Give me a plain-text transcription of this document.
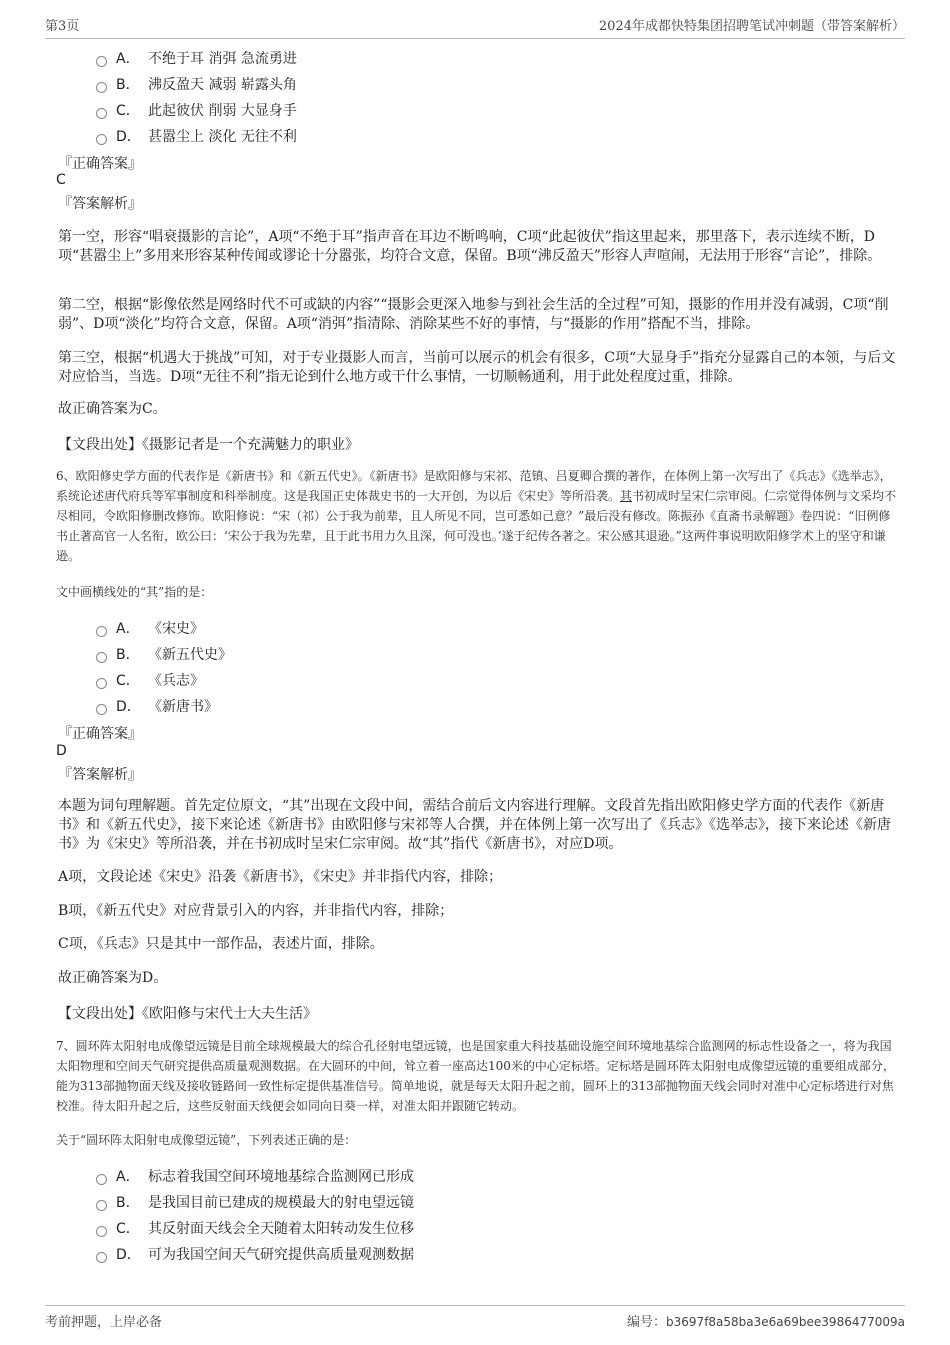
第3页	2024年成都快特集团招聘笔试冲刺题（带答案解析）
A． 不绝于耳 消弭 急流勇进
B． 沸反盈天 减弱 崭露头角
C． 此起彼伏 削弱 大显身手
D． 甚嚣尘上 淡化 无往不利
『正确答案』
C
『答案解析』

第一空，形容“唱衰摄影的言论”，A项“不绝于耳”指声音在耳边不断鸣响，C项“此起彼伏”指这里起来，那里落下，表示连续不断，D项“甚嚣尘上”多用来形容某种传闻或谬论十分嚣张，均符合文意，保留。B项“沸反盈天”形容人声喧闹，无法用于形容“言论”，排除。

第二空，根据“影像依然是网络时代不可或缺的内容”“摄影会更深入地参与到社会生活的全过程”可知，摄影的作用并没有减弱，C项“削弱”、D项“淡化”均符合文意，保留。A项“消弭”指清除、消除某些不好的事情，与“摄影的作用”搭配不当，排除。

第三空，根据“机遇大于挑战”可知，对于专业摄影人而言，当前可以展示的机会有很多，C项“大显身手”指充分显露自己的本领，与后文对应恰当，当选。D项“无往不利”指无论到什么地方或干什么事情，一切顺畅通利，用于此处程度过重，排除。

故正确答案为C。

【文段出处】《摄影记者是一个充满魅力的职业》

6、欧阳修史学方面的代表作是《新唐书》和《新五代史》。《新唐书》是欧阳修与宋祁、范镇、吕夏卿合撰的著作，在体例上第一次写出了《兵志》《选举志》，系统论述唐代府兵等军事制度和科举制度。这是我国正史体裁史书的一大开创，为以后《宋史》等所沿袭。其书初成时呈宋仁宗审阅。仁宗觉得体例与文采均不尽相同，令欧阳修删改修饰。欧阳修说：“宋（祁）公于我为前辈，且人所见不同，岂可悉如己意？”最后没有修改。陈振孙《直斋书录解题》卷四说：“旧例修书止著高官一人名衔，欧公曰：‘宋公于我为先辈，且于此书用力久且深，何可没也。’遂于纪传各著之。宋公感其退逊。”这两件事说明欧阳修学术上的坚守和谦逊。

文中画横线处的“其”指的是：

A． 《宋史》
B． 《新五代史》
C． 《兵志》
D． 《新唐书》
『正确答案』
D
『答案解析』

本题为词句理解题。首先定位原文，“其”出现在文段中间，需结合前后文内容进行理解。文段首先指出欧阳修史学方面的代表作《新唐书》和《新五代史》，接下来论述《新唐书》由欧阳修与宋祁等人合撰，并在体例上第一次写出了《兵志》《选举志》，接下来论述《新唐书》为《宋史》等所沿袭，并在书初成时呈宋仁宗审阅。故“其”指代《新唐书》，对应D项。

A项，文段论述《宋史》沿袭《新唐书》，《宋史》并非指代内容，排除；

B项，《新五代史》对应背景引入的内容，并非指代内容，排除；

C项，《兵志》只是其中一部作品，表述片面，排除。

故正确答案为D。

【文段出处】《欧阳修与宋代士大夫生活》

7、圆环阵太阳射电成像望远镜是目前全球规模最大的综合孔径射电望远镜，也是国家重大科技基础设施空间环境地基综合监测网的标志性设备之一，将为我国太阳物理和空间天气研究提供高质量观测数据。在大圆环的中间，耸立着一座高达100米的中心定标塔。定标塔是圆环阵太阳射电成像望远镜的重要组成部分，能为313部抛物面天线及接收链路间一致性标定提供基准信号。简单地说，就是每天太阳升起之前，圆环上的313部抛物面天线会同时对准中心定标塔进行对焦校准。待太阳升起之后，这些反射面天线便会如同向日葵一样，对准太阳并跟随它转动。

关于“圆环阵太阳射电成像望远镜”，下列表述正确的是：

A． 标志着我国空间环境地基综合监测网已形成
B． 是我国目前已建成的规模最大的射电望远镜
C． 其反射面天线会全天随着太阳转动发生位移
D． 可为我国空间天气研究提供高质量观测数据
考前押题，上岸必备	编号：b3697f8a58ba3e6a69bee3986477009a
